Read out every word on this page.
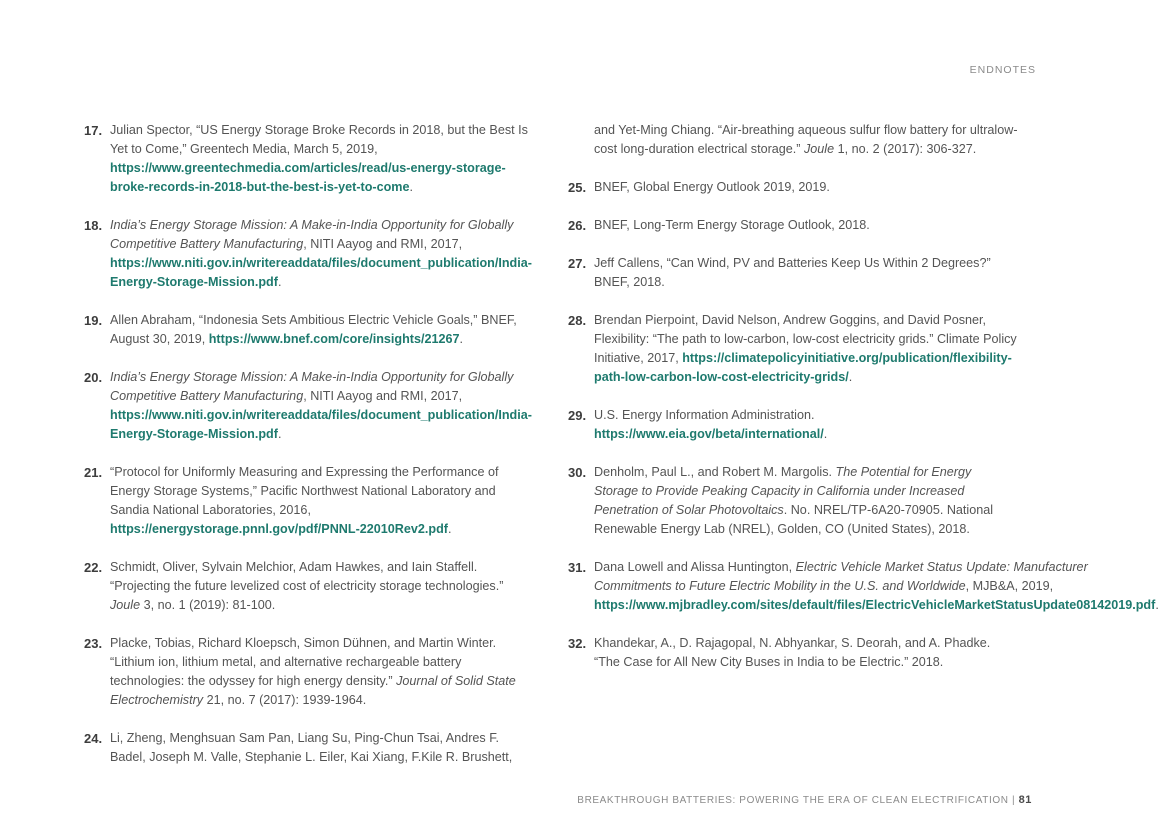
ENDNOTES
17. Julian Spector, “US Energy Storage Broke Records in 2018, but the Best Is Yet to Come,” Greentech Media, March 5, 2019, https://www.greentechmedia.com/articles/read/us-energy-storage-broke-records-in-2018-but-the-best-is-yet-to-come.
18. India’s Energy Storage Mission: A Make-in-India Opportunity for Globally Competitive Battery Manufacturing, NITI Aayog and RMI, 2017, https://www.niti.gov.in/writereaddata/files/document_publication/India-Energy-Storage-Mission.pdf.
19. Allen Abraham, “Indonesia Sets Ambitious Electric Vehicle Goals,” BNEF, August 30, 2019, https://www.bnef.com/core/insights/21267.
20. India’s Energy Storage Mission: A Make-in-India Opportunity for Globally Competitive Battery Manufacturing, NITI Aayog and RMI, 2017, https://www.niti.gov.in/writereaddata/files/document_publication/India-Energy-Storage-Mission.pdf.
21. “Protocol for Uniformly Measuring and Expressing the Performance of Energy Storage Systems,” Pacific Northwest National Laboratory and Sandia National Laboratories, 2016, https://energystorage.pnnl.gov/pdf/PNNL-22010Rev2.pdf.
22. Schmidt, Oliver, Sylvain Melchior, Adam Hawkes, and Iain Staffell. “Projecting the future levelized cost of electricity storage technologies.” Joule 3, no. 1 (2019): 81-100.
23. Placke, Tobias, Richard Kloepsch, Simon Dühnen, and Martin Winter. “Lithium ion, lithium metal, and alternative rechargeable battery technologies: the odyssey for high energy density.” Journal of Solid State Electrochemistry 21, no. 7 (2017): 1939-1964.
24. Li, Zheng, Menghsuan Sam Pan, Liang Su, Ping-Chun Tsai, Andres F. Badel, Joseph M. Valle, Stephanie L. Eiler, Kai Xiang, F.Kile R. Brushett,
and Yet-Ming Chiang. “Air-breathing aqueous sulfur flow battery for ultralow-cost long-duration electrical storage.” Joule 1, no. 2 (2017): 306-327.
25. BNEF, Global Energy Outlook 2019, 2019.
26. BNEF, Long-Term Energy Storage Outlook, 2018.
27. Jeff Callens, “Can Wind, PV and Batteries Keep Us Within 2 Degrees?” BNEF, 2018.
28. Brendan Pierpoint, David Nelson, Andrew Goggins, and David Posner, Flexibility: “The path to low-carbon, low-cost electricity grids.” Climate Policy Initiative, 2017, https://climatepolicyinitiative.org/publication/flexibility-path-low-carbon-low-cost-electricity-grids/.
29. U.S. Energy Information Administration. https://www.eia.gov/beta/international/.
30. Denholm, Paul L., and Robert M. Margolis. The Potential for Energy Storage to Provide Peaking Capacity in California under Increased Penetration of Solar Photovoltaics. No. NREL/TP-6A20-70905. National Renewable Energy Lab (NREL), Golden, CO (United States), 2018.
31. Dana Lowell and Alissa Huntington, Electric Vehicle Market Status Update: Manufacturer Commitments to Future Electric Mobility in the U.S. and Worldwide, MJB&A, 2019, https://www.mjbradley.com/sites/default/files/ElectricVehicleMarketStatusUpdate08142019.pdf.
32. Khandekar, A., D. Rajagopal, N. Abhyankar, S. Deorah, and A. Phadke. “The Case for All New City Buses in India to be Electric.” 2018.
BREAKTHROUGH BATTERIES: POWERING THE ERA OF CLEAN ELECTRIFICATION | 81
